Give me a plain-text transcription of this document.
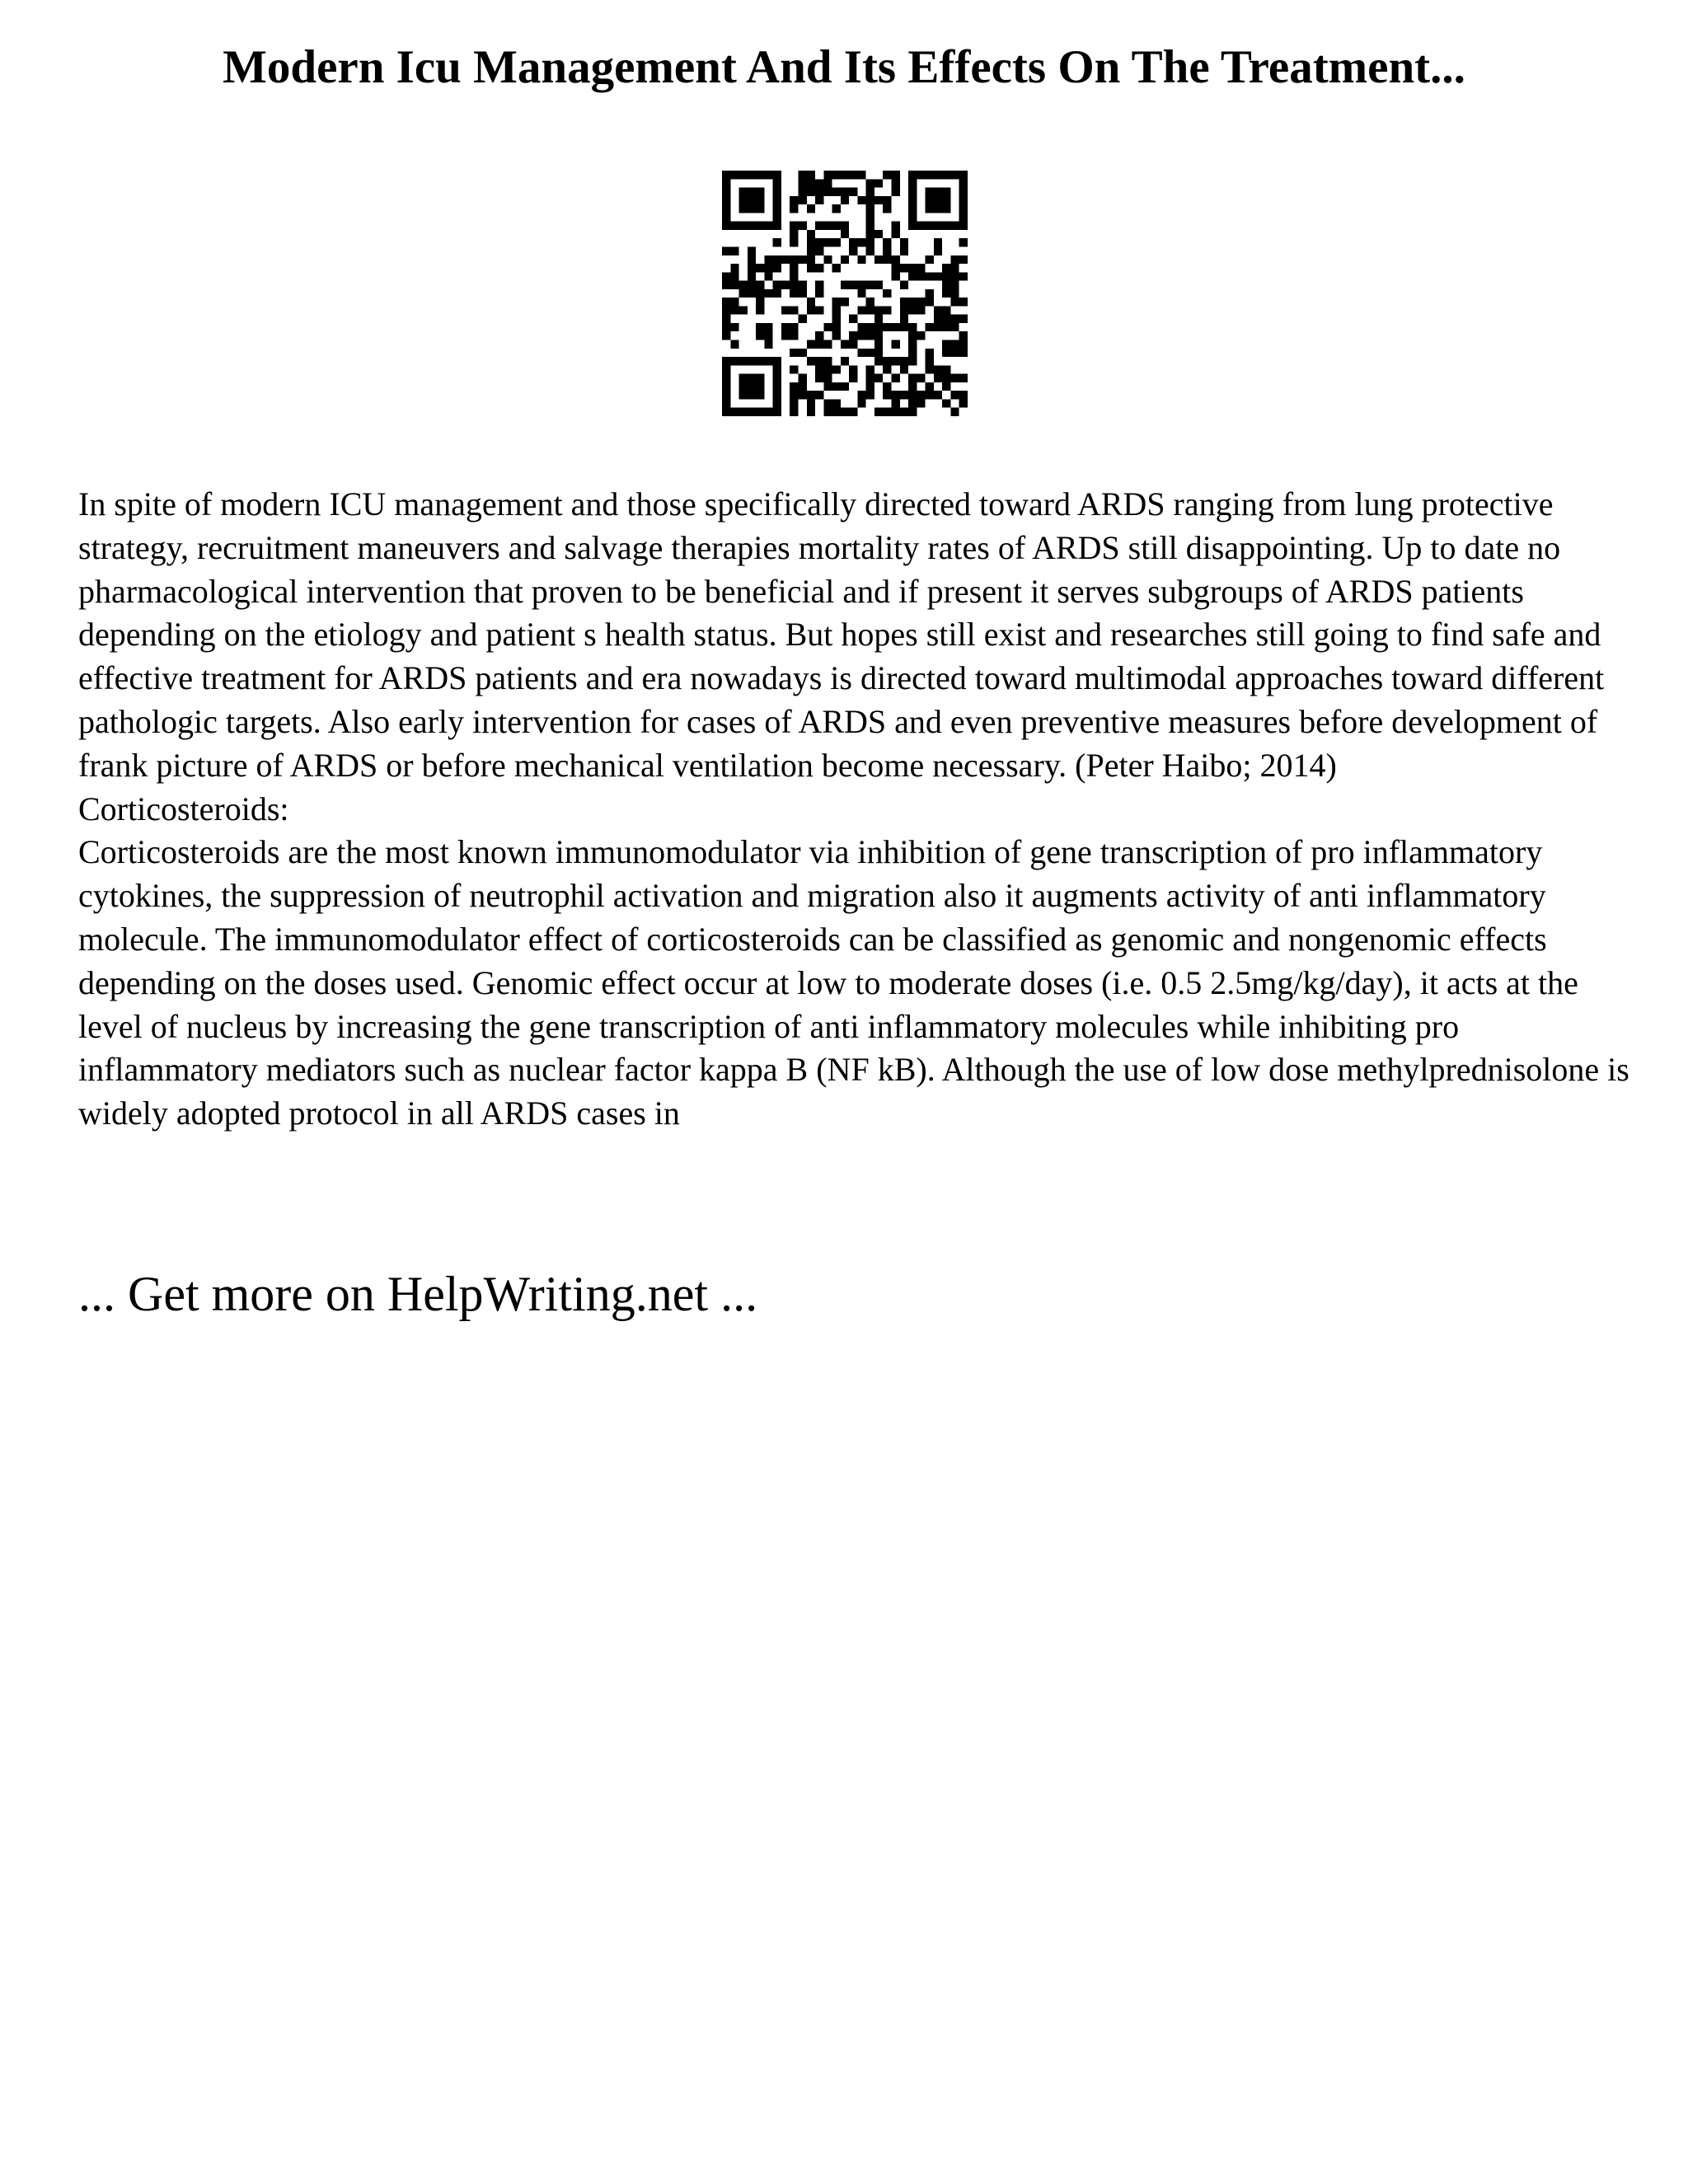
Modern Icu Management And Its Effects On The Treatment...

In spite of modern ICU management and those specifically directed toward ARDS ranging from lung protective strategy, recruitment maneuvers and salvage therapies mortality rates of ARDS still disappointing. Up to date no pharmacological intervention that proven to be beneficial and if present it serves subgroups of ARDS patients depending on the etiology and patient s health status. But hopes still exist and researches still going to find safe and effective treatment for ARDS patients and era nowadays is directed toward multimodal approaches toward different pathologic targets. Also early intervention for cases of ARDS and even preventive measures before development of frank picture of ARDS or before mechanical ventilation become necessary. (Peter Haibo; 2014)

Corticosteroids:

Corticosteroids are the most known immunomodulator via inhibition of gene transcription of pro inflammatory cytokines, the suppression of neutrophil activation and migration also it augments activity of anti inflammatory molecule. The immunomodulator effect of corticosteroids can be classified as genomic and nongenomic effects depending on the doses used. Genomic effect occur at low to moderate doses (i.e. 0.5 2.5mg/kg/day), it acts at the level of nucleus by increasing the gene transcription of anti inflammatory molecules while inhibiting pro inflammatory mediators such as nuclear factor kappa B (NF kB). Although the use of low dose methylprednisolone is widely adopted protocol in all ARDS cases in

... Get more on HelpWriting.net ...
